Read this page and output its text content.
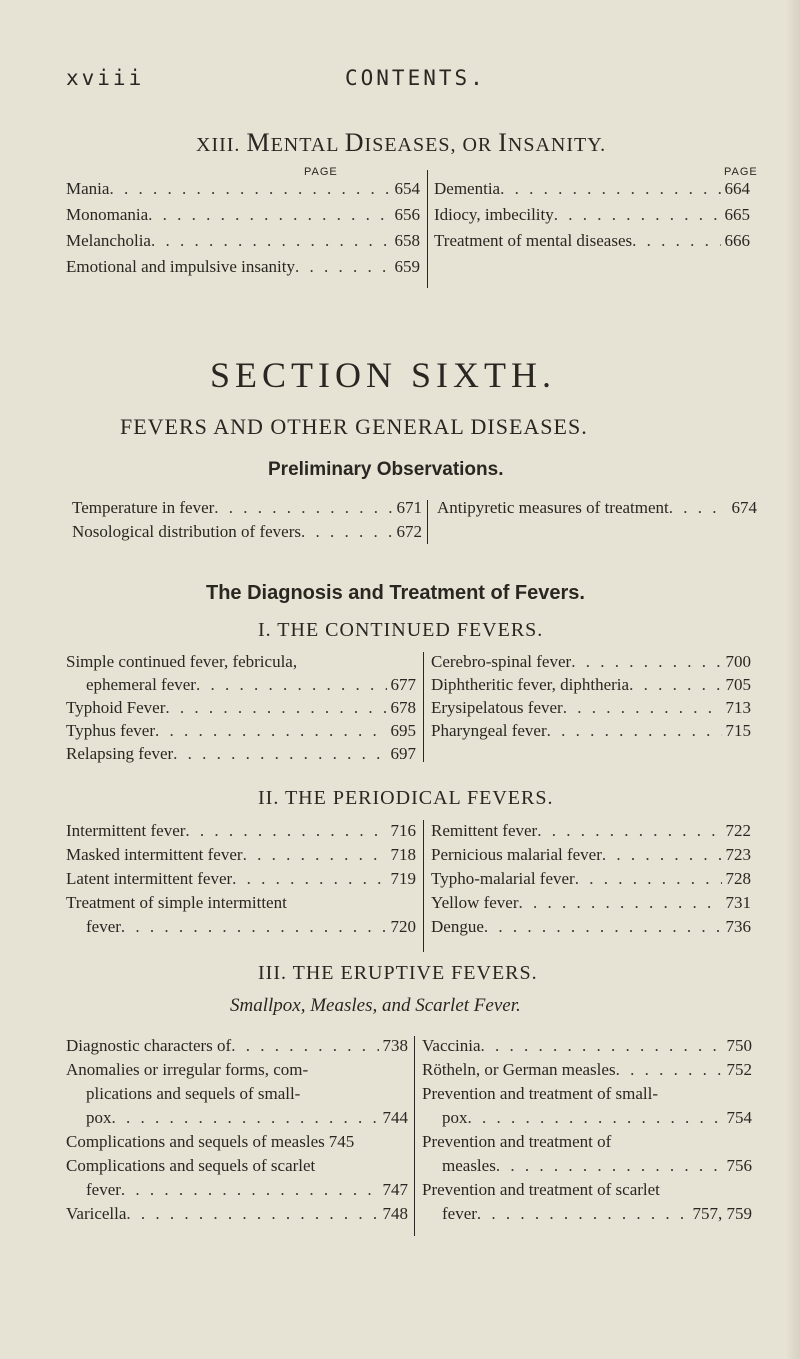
xviii	CONTENTS.
XIII. MENTAL DISEASES, OR INSANITY.
PAGE	PAGE
Mania . . .	654
Monomania . . .	656
Melancholia . . .	658
Emotional and impulsive insanity . . .	659
Dementia . . .	664
Idiocy, imbecility . . .	665
Treatment of mental diseases . . .	666
SECTION SIXTH.
FEVERS AND OTHER GENERAL DISEASES.
Preliminary Observations.
Temperature in fever . . .	671
Nosological distribution of fevers . . .	672
Antipyretic measures of treatment . . .	674
The Diagnosis and Treatment of Fevers.
I. THE CONTINUED FEVERS.
Simple continued fever, febricula,
ephemeral fever . . .	677
Typhoid Fever . . .	678
Typhus fever . . .	695
Relapsing fever . . .	697
Cerebro-spinal fever . . .	700
Diphtheritic fever, diphtheria . . .	705
Erysipelatous fever . . .	713
Pharyngeal fever . . .	715
II. THE PERIODICAL FEVERS.
Intermittent fever . . .	716
Masked intermittent fever . . .	718
Latent intermittent fever . . .	719
Treatment of simple intermittent
fever . . .	720
Remittent fever . . .	722
Pernicious malarial fever . . .	723
Typho-malarial fever . . .	728
Yellow fever . . .	731
Dengue . . .	736
III. THE ERUPTIVE FEVERS.
Smallpox, Measles, and Scarlet Fever.
Diagnostic characters of . . .	738
Anomalies or irregular forms, com-
plications and sequels of small-
pox . . .	744
Complications and sequels of measles 745
Complications and sequels of scarlet
fever . . .	747
Varicella . . .	748
Vaccinia . . .	750
Rötheln, or German measles . . .	752
Prevention and treatment of small-
pox . . .	754
Prevention and treatment of
measles . . .	756
Prevention and treatment of scarlet
fever . . .	757, 759
